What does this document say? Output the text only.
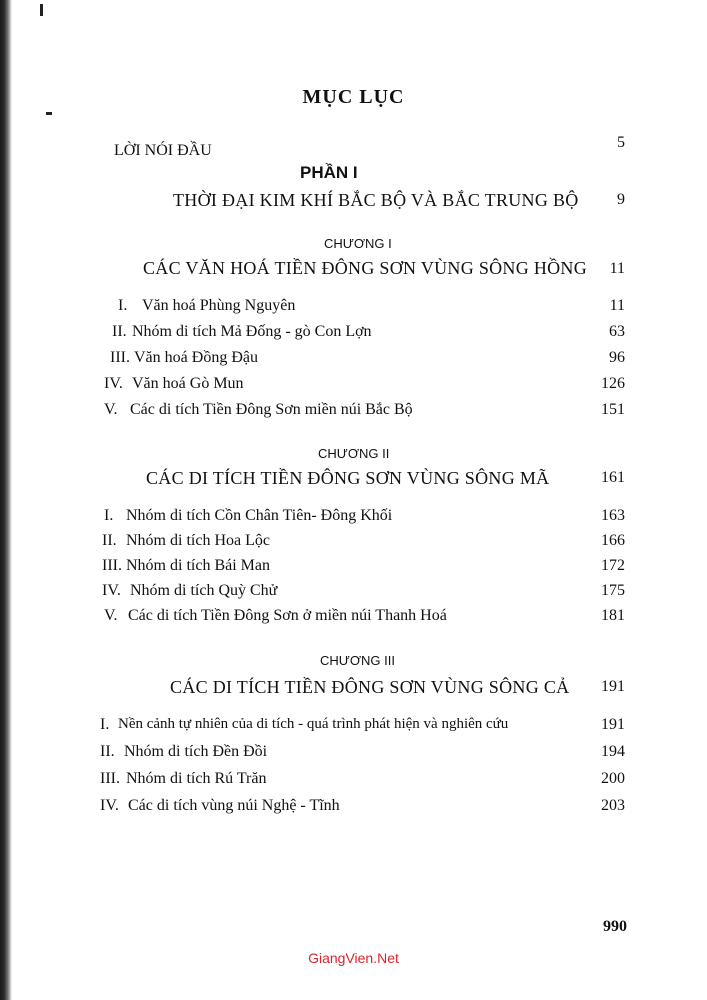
MỤC LỤC
LỜI NÓI ĐẦU	5
PHẦN I
THỜI ĐẠI KIM KHÍ BẮC BỘ VÀ BẮC TRUNG BỘ	9
CHƯƠNG I
CÁC VĂN HOÁ TIỀN ĐÔNG SƠN VÙNG SÔNG HỒNG	11
I. Văn hoá Phùng Nguyên	11
II. Nhóm di tích Mả Đống - gò Con Lợn	63
III. Văn hoá Đồng Đậu	96
IV. Văn hoá Gò Mun	126
V. Các di tích Tiền Đông Sơn miền núi Bắc Bộ	151
CHƯƠNG II
CÁC DI TÍCH TIỀN ĐÔNG SƠN VÙNG SÔNG MÃ	161
I. Nhóm di tích Cồn Chân Tiên- Đông Khối	163
II. Nhóm di tích Hoa Lộc	166
III. Nhóm di tích Bái Man	172
IV. Nhóm di tích Quỳ Chử	175
V. Các di tích Tiền Đông Sơn ở miền núi Thanh Hoá	181
CHƯƠNG III
CÁC DI TÍCH TIỀN ĐÔNG SƠN VÙNG SÔNG CẢ	191
I. Nền cảnh tự nhiên của di tích - quá trình phát hiện và nghiên cứu	191
II. Nhóm di tích Đền Đồi	194
III. Nhóm di tích Rú Trăn	200
IV. Các di tích vùng núi Nghệ - Tĩnh	203
990
GiangVien.Net
